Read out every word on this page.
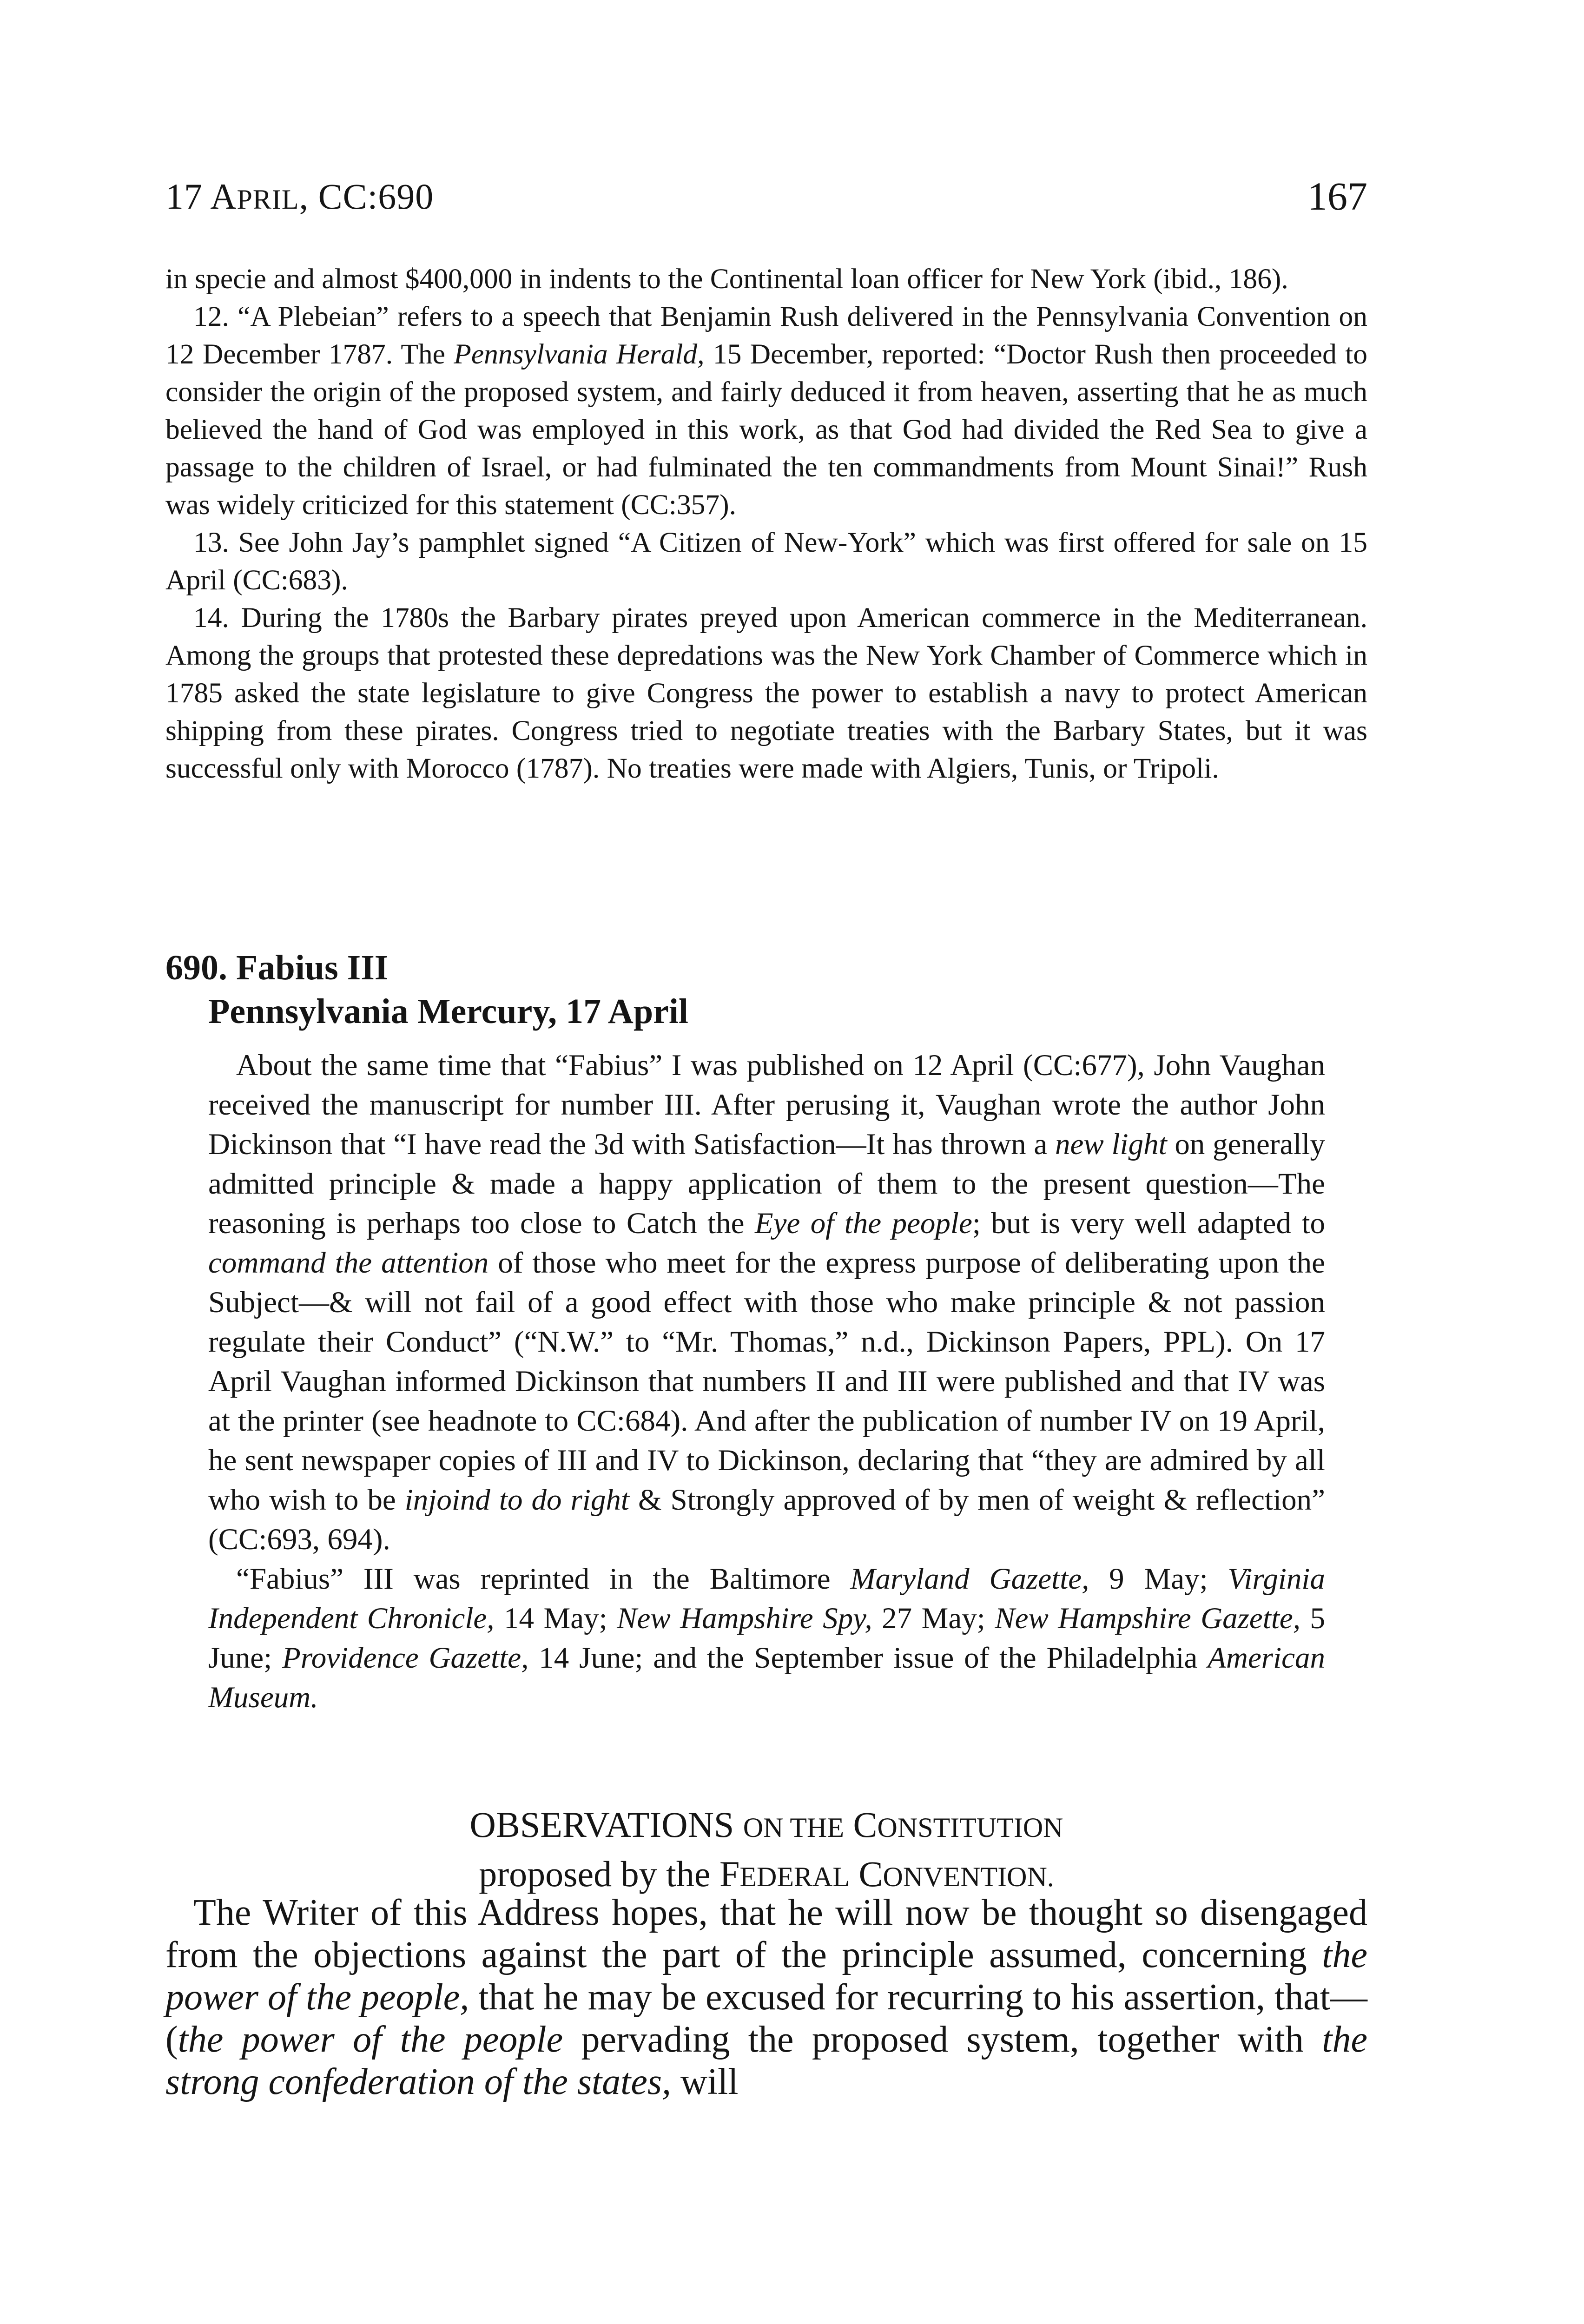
17 APRIL, CC:690	167

in specie and almost $400,000 in indents to the Continental loan officer for New York (ibid., 186).

12. “A Plebeian” refers to a speech that Benjamin Rush delivered in the Pennsylvania Convention on 12 December 1787. The Pennsylvania Herald, 15 December, reported: “Doctor Rush then proceeded to consider the origin of the proposed system, and fairly deduced it from heaven, asserting that he as much believed the hand of God was employed in this work, as that God had divided the Red Sea to give a passage to the children of Israel, or had fulminated the ten commandments from Mount Sinai!” Rush was widely criticized for this statement (CC:357).

13. See John Jay’s pamphlet signed “A Citizen of New-York” which was first offered for sale on 15 April (CC:683).

14. During the 1780s the Barbary pirates preyed upon American commerce in the Mediterranean. Among the groups that protested these depredations was the New York Chamber of Commerce which in 1785 asked the state legislature to give Congress the power to establish a navy to protect American shipping from these pirates. Congress tried to negotiate treaties with the Barbary States, but it was successful only with Morocco (1787). No treaties were made with Algiers, Tunis, or Tripoli.

690. Fabius III
Pennsylvania Mercury, 17 April

About the same time that “Fabius” I was published on 12 April (CC:677), John Vaughan received the manuscript for number III. After perusing it, Vaughan wrote the author John Dickinson that “I have read the 3d with Satisfaction—It has thrown a new light on generally admitted principle & made a happy application of them to the present question—The reasoning is perhaps too close to Catch the Eye of the people; but is very well adapted to command the attention of those who meet for the express purpose of deliberating upon the Subject—& will not fail of a good effect with those who make principle & not passion regulate their Conduct” (“N.W.” to “Mr. Thomas,” n.d., Dickinson Papers, PPL). On 17 April Vaughan informed Dickinson that numbers II and III were published and that IV was at the printer (see headnote to CC:684). And after the publication of number IV on 19 April, he sent newspaper copies of III and IV to Dickinson, declaring that “they are admired by all who wish to be injoind to do right & Strongly approved of by men of weight & reflection” (CC:693, 694).

“Fabius” III was reprinted in the Baltimore Maryland Gazette, 9 May; Virginia Independent Chronicle, 14 May; New Hampshire Spy, 27 May; New Hampshire Gazette, 5 June; Providence Gazette, 14 June; and the September issue of the Philadelphia American Museum.

OBSERVATIONS ON THE CONSTITUTION
proposed by the FEDERAL CONVENTION.

The Writer of this Address hopes, that he will now be thought so disengaged from the objections against the part of the principle assumed, concerning the power of the people, that he may be excused for recurring to his assertion, that—(the power of the people pervading the proposed system, together with the strong confederation of the states, will
